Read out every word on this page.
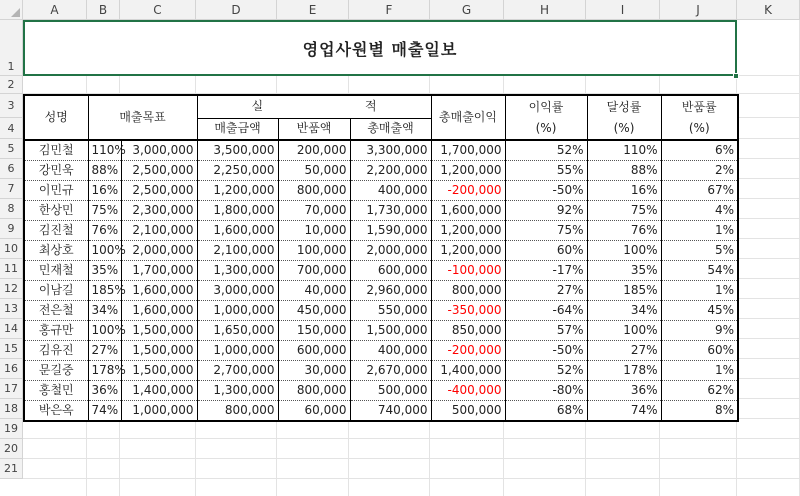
A	B	C	D	E	F	G	H	I	J	K
1
2
3
4
5
6
7
8
9
10
11
12
13
14
15
16
17
18
19
20
21
영업사원별 매출일보
성명	매출목표		실 적			총매출이익	이익률	달성률	반품률
			매출금액	반품액	총매출액		(%)	(%)	(%)
김민철	110%	3,000,000	3,500,000	200,000	3,300,000	1,700,000	52%	110%	6%
강민욱	88%	2,500,000	2,250,000	50,000	2,200,000	1,200,000	55%	88%	2%
이민규	16%	2,500,000	1,200,000	800,000	400,000	-200,000	-50%	16%	67%
한상민	75%	2,300,000	1,800,000	70,000	1,730,000	1,600,000	92%	75%	4%
김진철	76%	2,100,000	1,600,000	10,000	1,590,000	1,200,000	75%	76%	1%
최상호	100%	2,000,000	2,100,000	100,000	2,000,000	1,200,000	60%	100%	5%
민재철	35%	1,700,000	1,300,000	700,000	600,000	-100,000	-17%	35%	54%
이남길	185%	1,600,000	3,000,000	40,000	2,960,000	800,000	27%	185%	1%
전은철	34%	1,600,000	1,000,000	450,000	550,000	-350,000	-64%	34%	45%
홍규만	100%	1,500,000	1,650,000	150,000	1,500,000	850,000	57%	100%	9%
김유진	27%	1,500,000	1,000,000	600,000	400,000	-200,000	-50%	27%	60%
문길중	178%	1,500,000	2,700,000	30,000	2,670,000	1,400,000	52%	178%	1%
홍철민	36%	1,400,000	1,300,000	800,000	500,000	-400,000	-80%	36%	62%
박은옥	74%	1,000,000	800,000	60,000	740,000	500,000	68%	74%	8%
